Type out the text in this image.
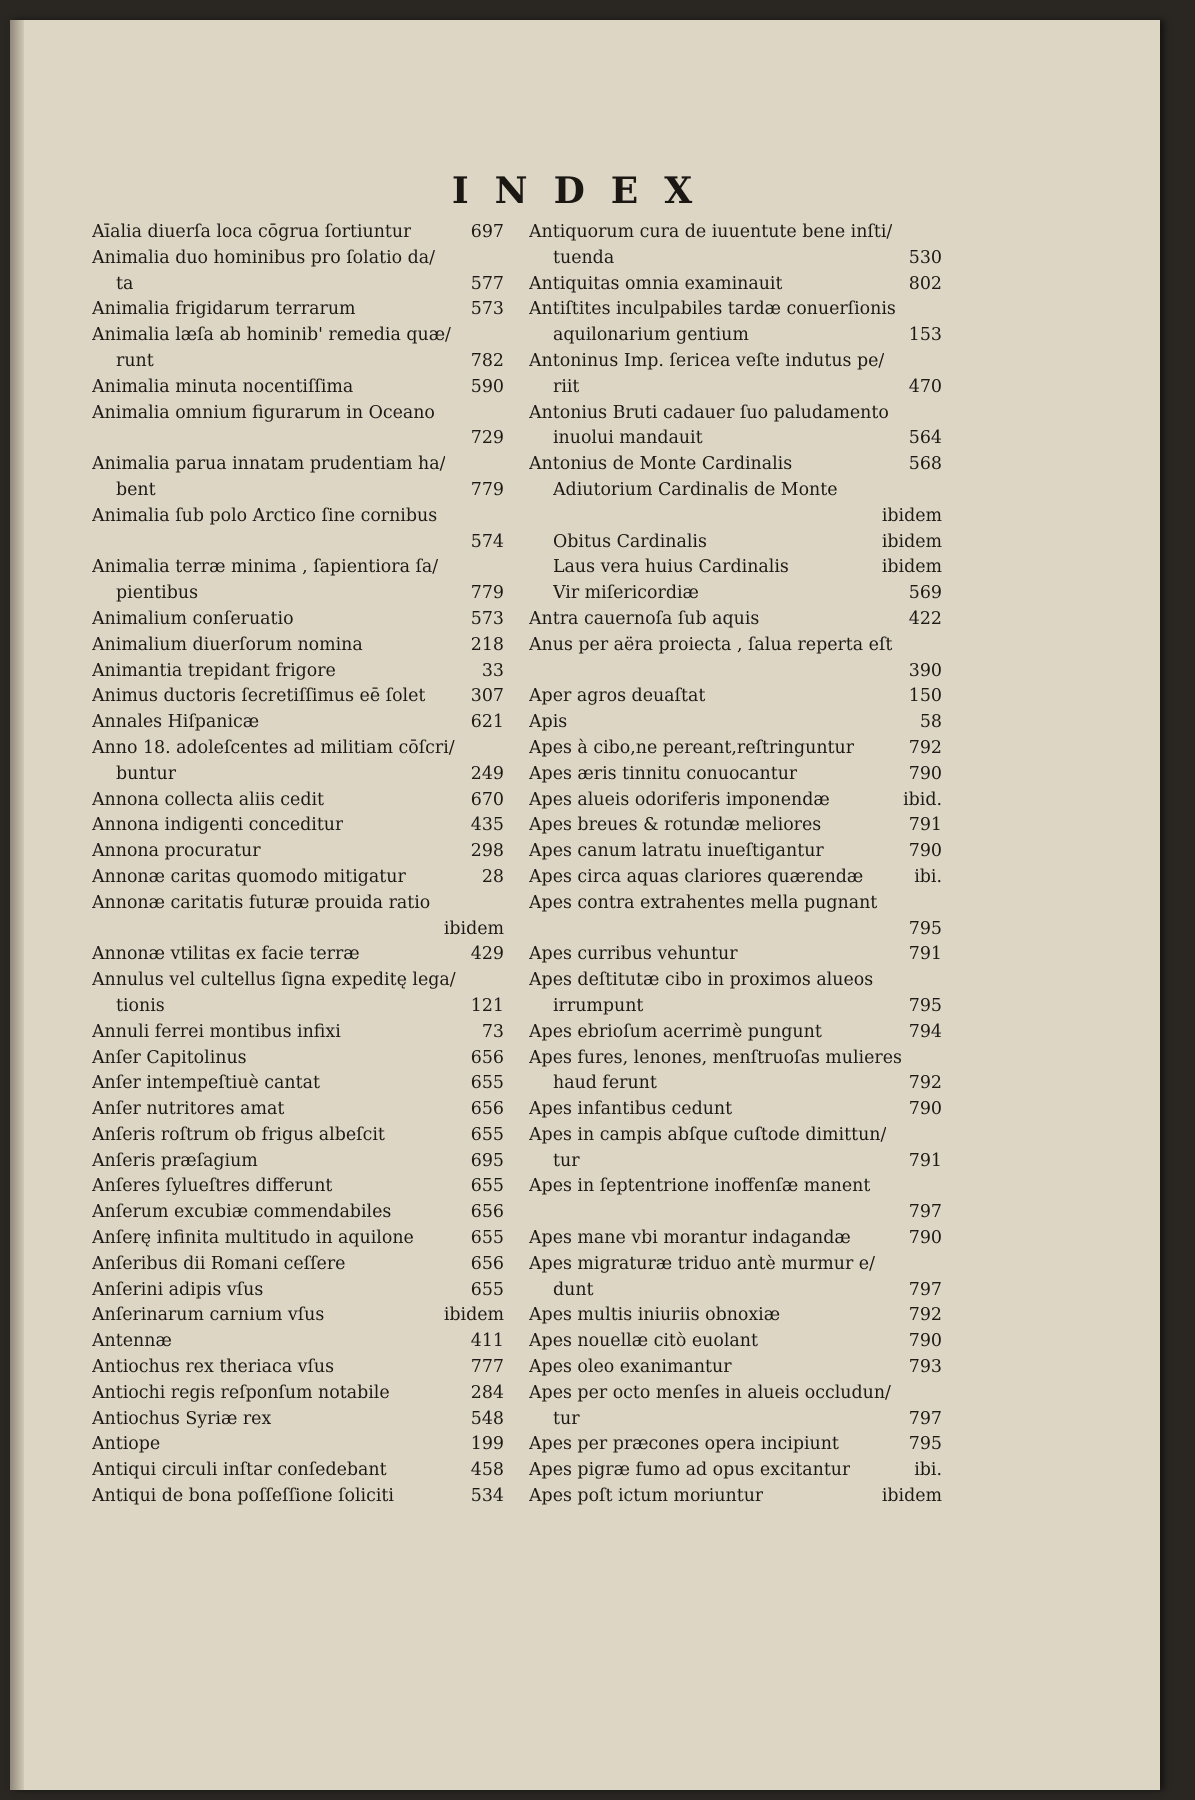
INDEX
Aīalia diuerſa loca cōgrua ſortiuntur	697
Animalia duo hominibus pro ſolatio da/
ta	577
Animalia frigidarum terrarum	573
Animalia læſa ab hominib' remedia quæ/
runt	782
Animalia minuta nocentiſſima	590
Animalia omnium figurarum in Oceano
729
Animalia parua innatam prudentiam ha/
bent	779
Animalia ſub polo Arctico ſine cornibus
574
Animalia terræ minima , ſapientiora ſa/
pientibus	779
Animalium conſeruatio	573
Animalium diuerſorum nomina	218
Animantia trepidant frigore	33
Animus ductoris ſecretiſſimus eē ſolet	307
Annales Hiſpanicæ	621
Anno 18. adoleſcentes ad militiam cōſcri/
buntur	249
Annona collecta aliis cedit	670
Annona indigenti conceditur	435
Annona procuratur	298
Annonæ caritas quomodo mitigatur	28
Annonæ caritatis futuræ prouida ratio
ibidem
Annonæ vtilitas ex facie terræ	429
Annulus vel cultellus ſigna expeditę lega/
tionis	121
Annuli ferrei montibus infixi	73
Anſer Capitolinus	656
Anſer intempeſtiuè cantat	655
Anſer nutritores amat	656
Anſeris roſtrum ob frigus albeſcit	655
Anſeris præſagium	695
Anſeres ſylueſtres differunt	655
Anſerum excubiæ commendabiles	656
Anſerę infinita multitudo in aquilone	655
Anſeribus dii Romani ceſſere	656
Anſerini adipis vſus	655
Anſerinarum carnium vſus	ibidem
Antennæ	411
Antiochus rex theriaca vſus	777
Antiochi regis reſponſum notabile	284
Antiochus Syriæ rex	548
Antiope	199
Antiqui circuli inſtar conſedebant	458
Antiqui de bona poſſeſſione ſoliciti	534
Antiquorum cura de iuuentute bene inſti/
tuenda	530
Antiquitas omnia examinauit	802
Antiſtites inculpabiles tardæ conuerſionis
aquilonarium gentium	153
Antoninus Imp. ſericea veſte indutus pe/
riit	470
Antonius Bruti cadauer ſuo paludamento
inuolui mandauit	564
Antonius de Monte Cardinalis	568
Adiutorium Cardinalis de Monte
ibidem
Obitus Cardinalis	ibidem
Laus vera huius Cardinalis	ibidem
Vir miſericordiæ	569
Antra cauernoſa ſub aquis	422
Anus per aëra proiecta , ſalua reperta eſt
390
Aper agros deuaſtat	150
Apis	58
Apes à cibo,ne pereant,reſtringuntur	792
Apes æris tinnitu conuocantur	790
Apes alueis odoriferis imponendæ	ibid.
Apes breues & rotundæ meliores	791
Apes canum latratu inueſtigantur	790
Apes circa aquas clariores quærendæ	ibi.
Apes contra extrahentes mella pugnant
795
Apes curribus vehuntur	791
Apes deſtitutæ cibo in proximos alueos
irrumpunt	795
Apes ebrioſum acerrimè pungunt	794
Apes fures, lenones, menſtruoſas mulieres
haud ferunt	792
Apes infantibus cedunt	790
Apes in campis abſque cuſtode dimittun/
tur	791
Apes in ſeptentrione inoffenſæ manent
797
Apes mane vbi morantur indagandæ	790
Apes migraturæ triduo antè murmur e/
dunt	797
Apes multis iniuriis obnoxiæ	792
Apes nouellæ citò euolant	790
Apes oleo exanimantur	793
Apes per octo menſes in alueis occludun/
tur	797
Apes per præcones opera incipiunt	795
Apes pigræ fumo ad opus excitantur	ibi.
Apes poſt ictum moriuntur	ibidem
